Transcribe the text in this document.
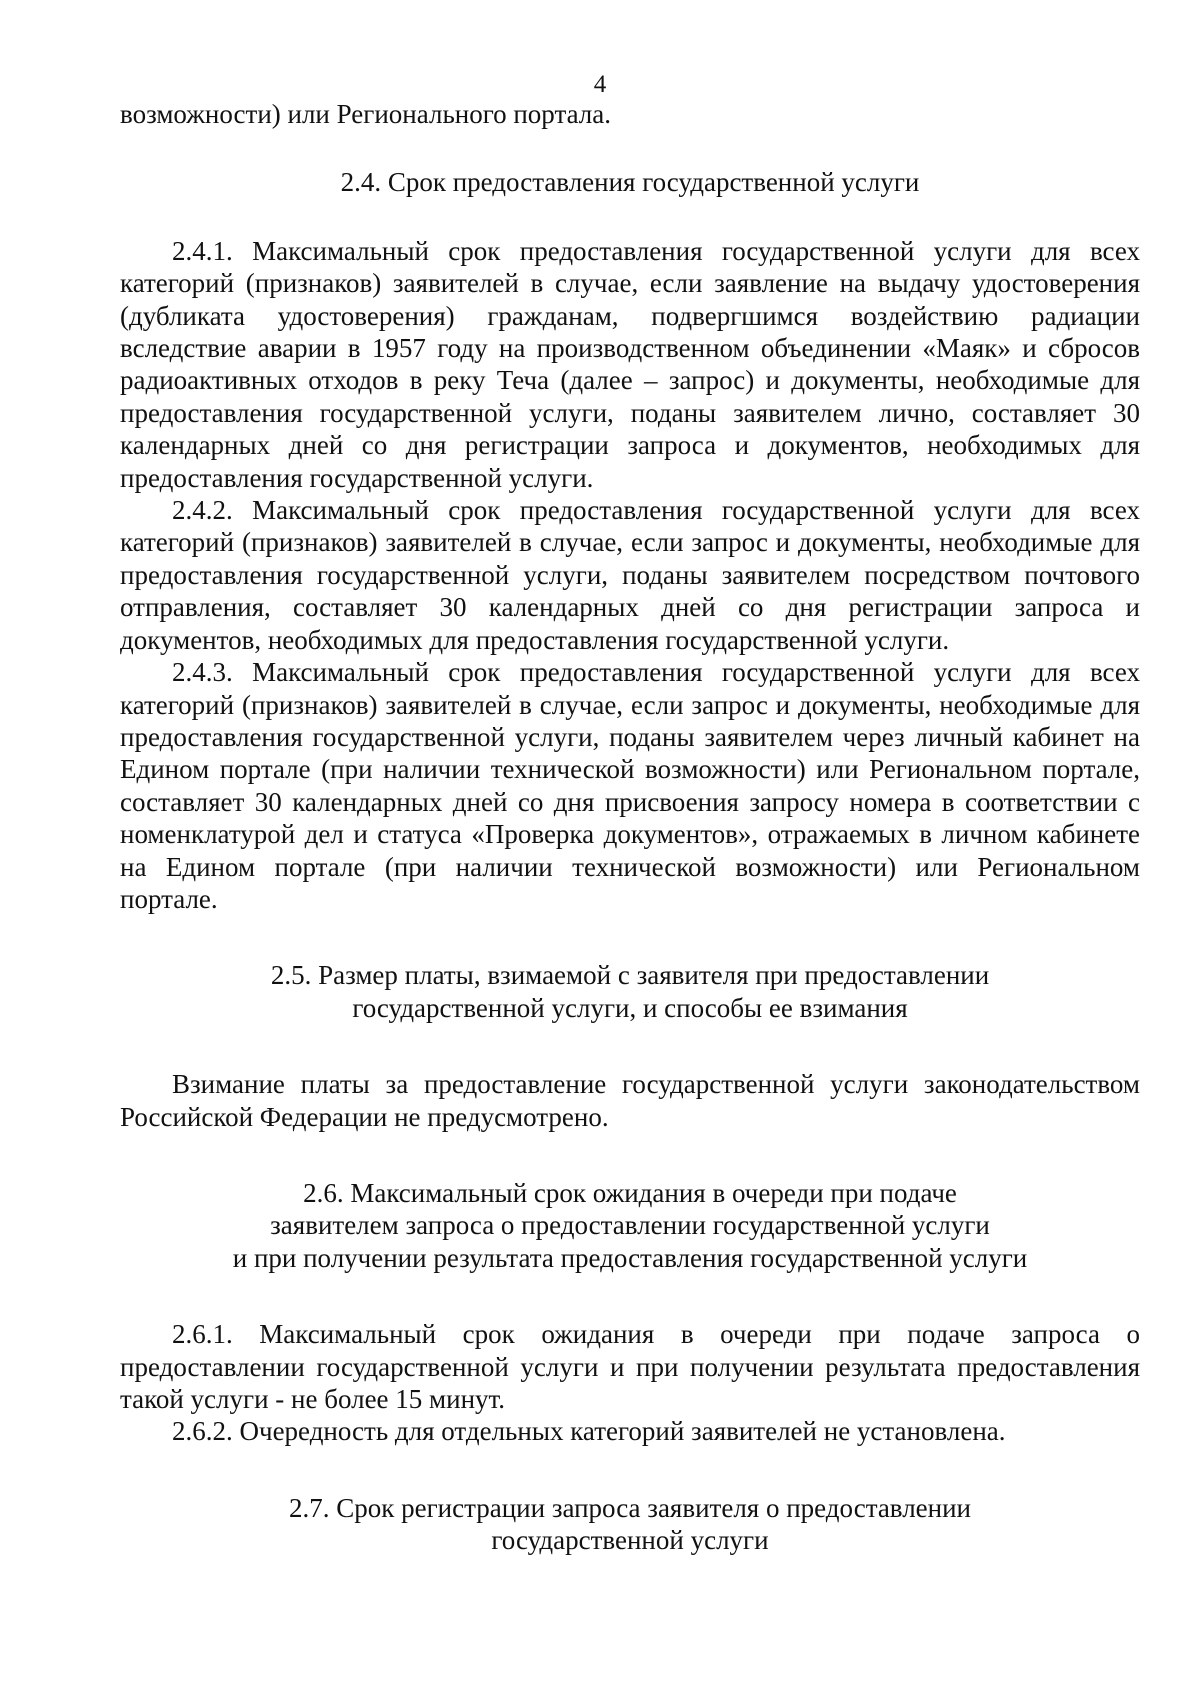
4

возможности) или Регионального портала.

2.4. Срок предоставления государственной услуги

2.4.1. Максимальный срок предоставления государственной услуги для всех категорий (признаков) заявителей в случае, если заявление на выдачу удостоверения (дубликата удостоверения) гражданам, подвергшимся воздействию радиации вследствие аварии в 1957 году на производственном объединении «Маяк» и сбросов радиоактивных отходов в реку Теча (далее – запрос) и документы, необходимые для предоставления государственной услуги, поданы заявителем лично, составляет 30 календарных дней со дня регистрации запроса и документов, необходимых для предоставления государственной услуги.

2.4.2. Максимальный срок предоставления государственной услуги для всех категорий (признаков) заявителей в случае, если запрос и документы, необходимые для предоставления государственной услуги, поданы заявителем посредством почтового отправления, составляет 30 календарных дней со дня регистрации запроса и документов, необходимых для предоставления государственной услуги.

2.4.3. Максимальный срок предоставления государственной услуги для всех категорий (признаков) заявителей в случае, если запрос и документы, необходимые для предоставления государственной услуги, поданы заявителем через личный кабинет на Едином портале (при наличии технической возможности) или Региональном портале, составляет 30 календарных дней со дня присвоения запросу номера в соответствии с номенклатурой дел и статуса «Проверка документов», отражаемых в личном кабинете на Едином портале (при наличии технической возможности) или Региональном портале.

2.5. Размер платы, взимаемой с заявителя при предоставлении

государственной услуги, и способы ее взимания

Взимание платы за предоставление государственной услуги законодательством Российской Федерации не предусмотрено.

2.6. Максимальный срок ожидания в очереди при подаче

заявителем запроса о предоставлении государственной услуги

и при получении результата предоставления государственной услуги

2.6.1. Максимальный срок ожидания в очереди при подаче запроса о предоставлении государственной услуги и при получении результата предоставления такой услуги - не более 15 минут.

2.6.2. Очередность для отдельных категорий заявителей не установлена.

2.7. Срок регистрации запроса заявителя о предоставлении

государственной услуги
